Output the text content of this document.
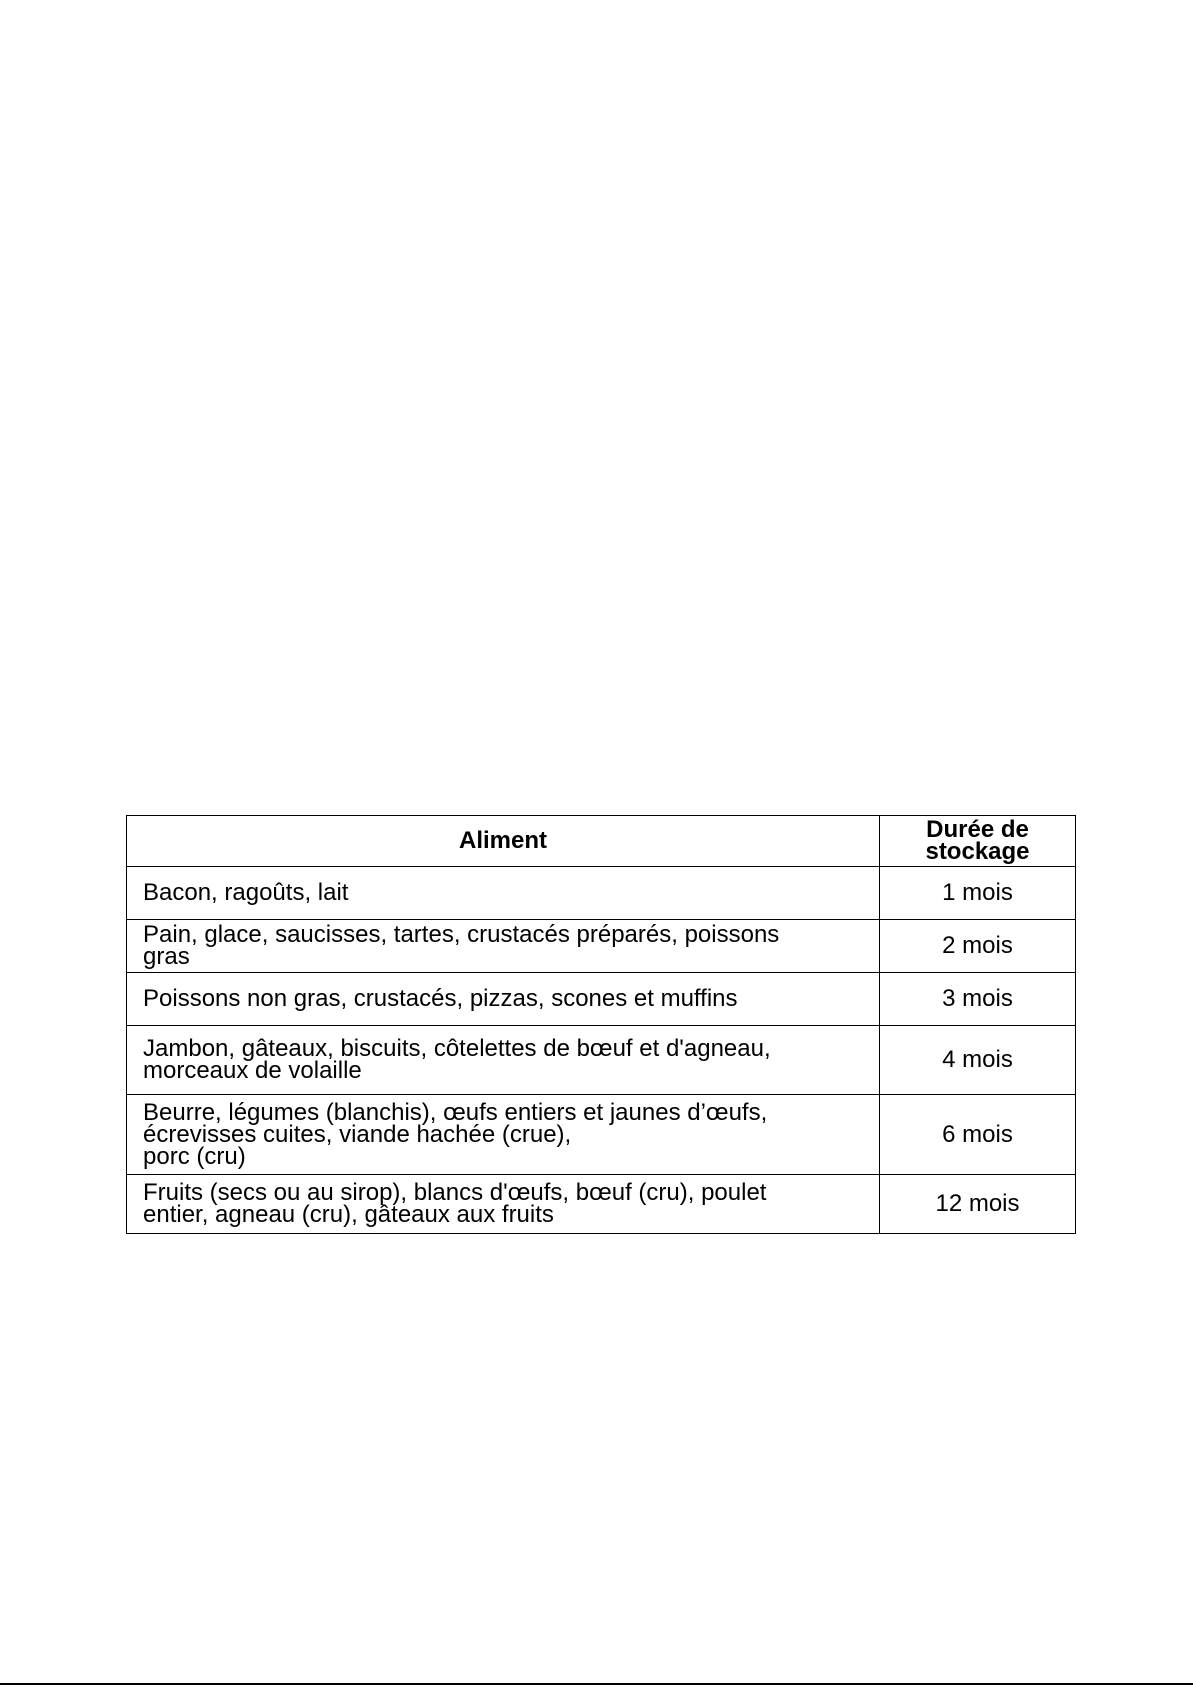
Aliment	Durée de
stockage
Bacon, ragoûts, lait	1 mois
Pain, glace, saucisses, tartes, crustacés préparés, poissons
gras	2 mois
Poissons non gras, crustacés, pizzas, scones et muffins	3 mois
Jambon, gâteaux, biscuits, côtelettes de bœuf et d'agneau,
morceaux de volaille	4 mois
Beurre, légumes (blanchis), œufs entiers et jaunes d’œufs,
écrevisses cuites, viande hachée (crue),
porc (cru)	6 mois
Fruits (secs ou au sirop), blancs d'œufs, bœuf (cru), poulet
entier, agneau (cru), gâteaux aux fruits	12 mois
